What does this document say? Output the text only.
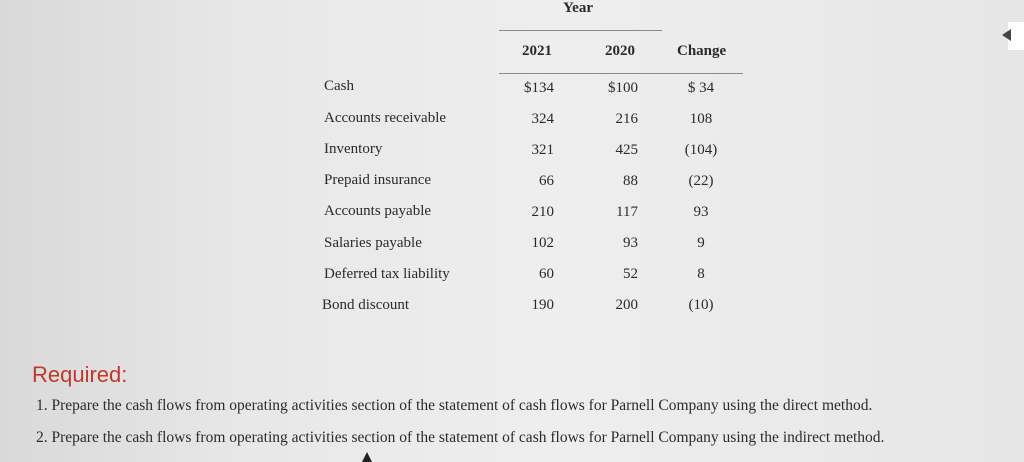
Year
2021	2020	Change
Cash	$134	$100	$ 34
Accounts receivable	324	216	108
Inventory	321	425	(104)
Prepaid insurance	66	88	(22)
Accounts payable	210	117	93
Salaries payable	102	93	9
Deferred tax liability	60	52	8
Bond discount	190	200	(10)
Required:
1. Prepare the cash flows from operating activities section of the statement of cash flows for Parnell Company using the direct method.
2. Prepare the cash flows from operating activities section of the statement of cash flows for Parnell Company using the indirect method.
